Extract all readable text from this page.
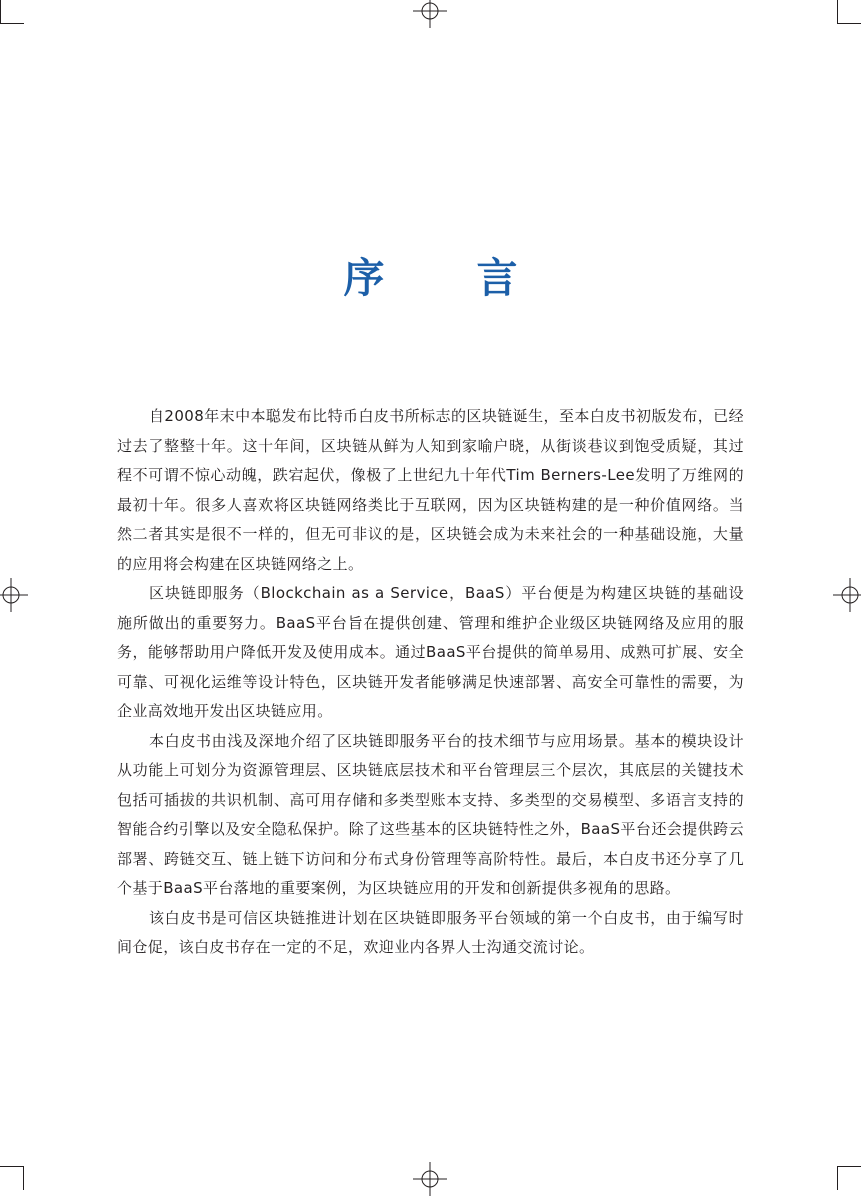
序 言

自2008年末中本聪发布比特币白皮书所标志的区块链诞生，至本白皮书初版发布，已经过去了整整十年。这十年间，区块链从鲜为人知到家喻户晓，从街谈巷议到饱受质疑，其过程不可谓不惊心动魄，跌宕起伏，像极了上世纪九十年代Tim Berners-Lee发明了万维网的最初十年。很多人喜欢将区块链网络类比于互联网，因为区块链构建的是一种价值网络。当然二者其实是很不一样的，但无可非议的是，区块链会成为未来社会的一种基础设施，大量的应用将会构建在区块链网络之上。

区块链即服务（Blockchain as a Service，BaaS）平台便是为构建区块链的基础设施所做出的重要努力。BaaS平台旨在提供创建、管理和维护企业级区块链网络及应用的服务，能够帮助用户降低开发及使用成本。通过BaaS平台提供的简单易用、成熟可扩展、安全可靠、可视化运维等设计特色，区块链开发者能够满足快速部署、高安全可靠性的需要，为企业高效地开发出区块链应用。

本白皮书由浅及深地介绍了区块链即服务平台的技术细节与应用场景。基本的模块设计从功能上可划分为资源管理层、区块链底层技术和平台管理层三个层次，其底层的关键技术包括可插拔的共识机制、高可用存储和多类型账本支持、多类型的交易模型、多语言支持的智能合约引擎以及安全隐私保护。除了这些基本的区块链特性之外，BaaS平台还会提供跨云部署、跨链交互、链上链下访问和分布式身份管理等高阶特性。最后，本白皮书还分享了几个基于BaaS平台落地的重要案例，为区块链应用的开发和创新提供多视角的思路。

该白皮书是可信区块链推进计划在区块链即服务平台领域的第一个白皮书，由于编写时间仓促，该白皮书存在一定的不足，欢迎业内各界人士沟通交流讨论。
